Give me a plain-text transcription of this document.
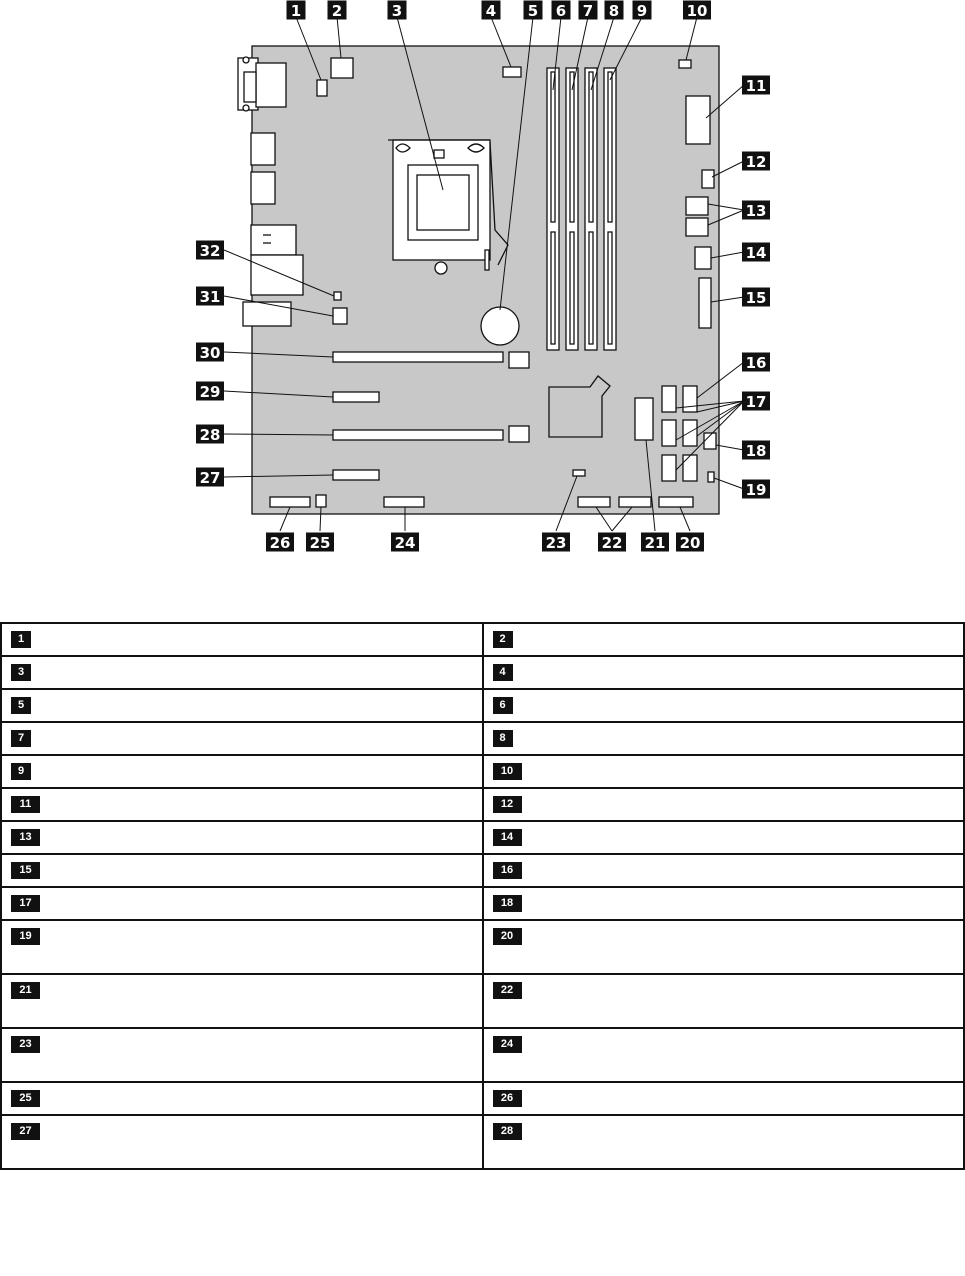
1 2	3	4 5 6 7 8 9	10
11
12
13
14
15
16
17
18
19
20
21
22
23
24
25
26
27
28
29
30
31
32
1	2

3	4

5	6

7	8

9	10

11	12

13	14

15	16

17	18

19	20

21	22

23	24

25	26

27	28
